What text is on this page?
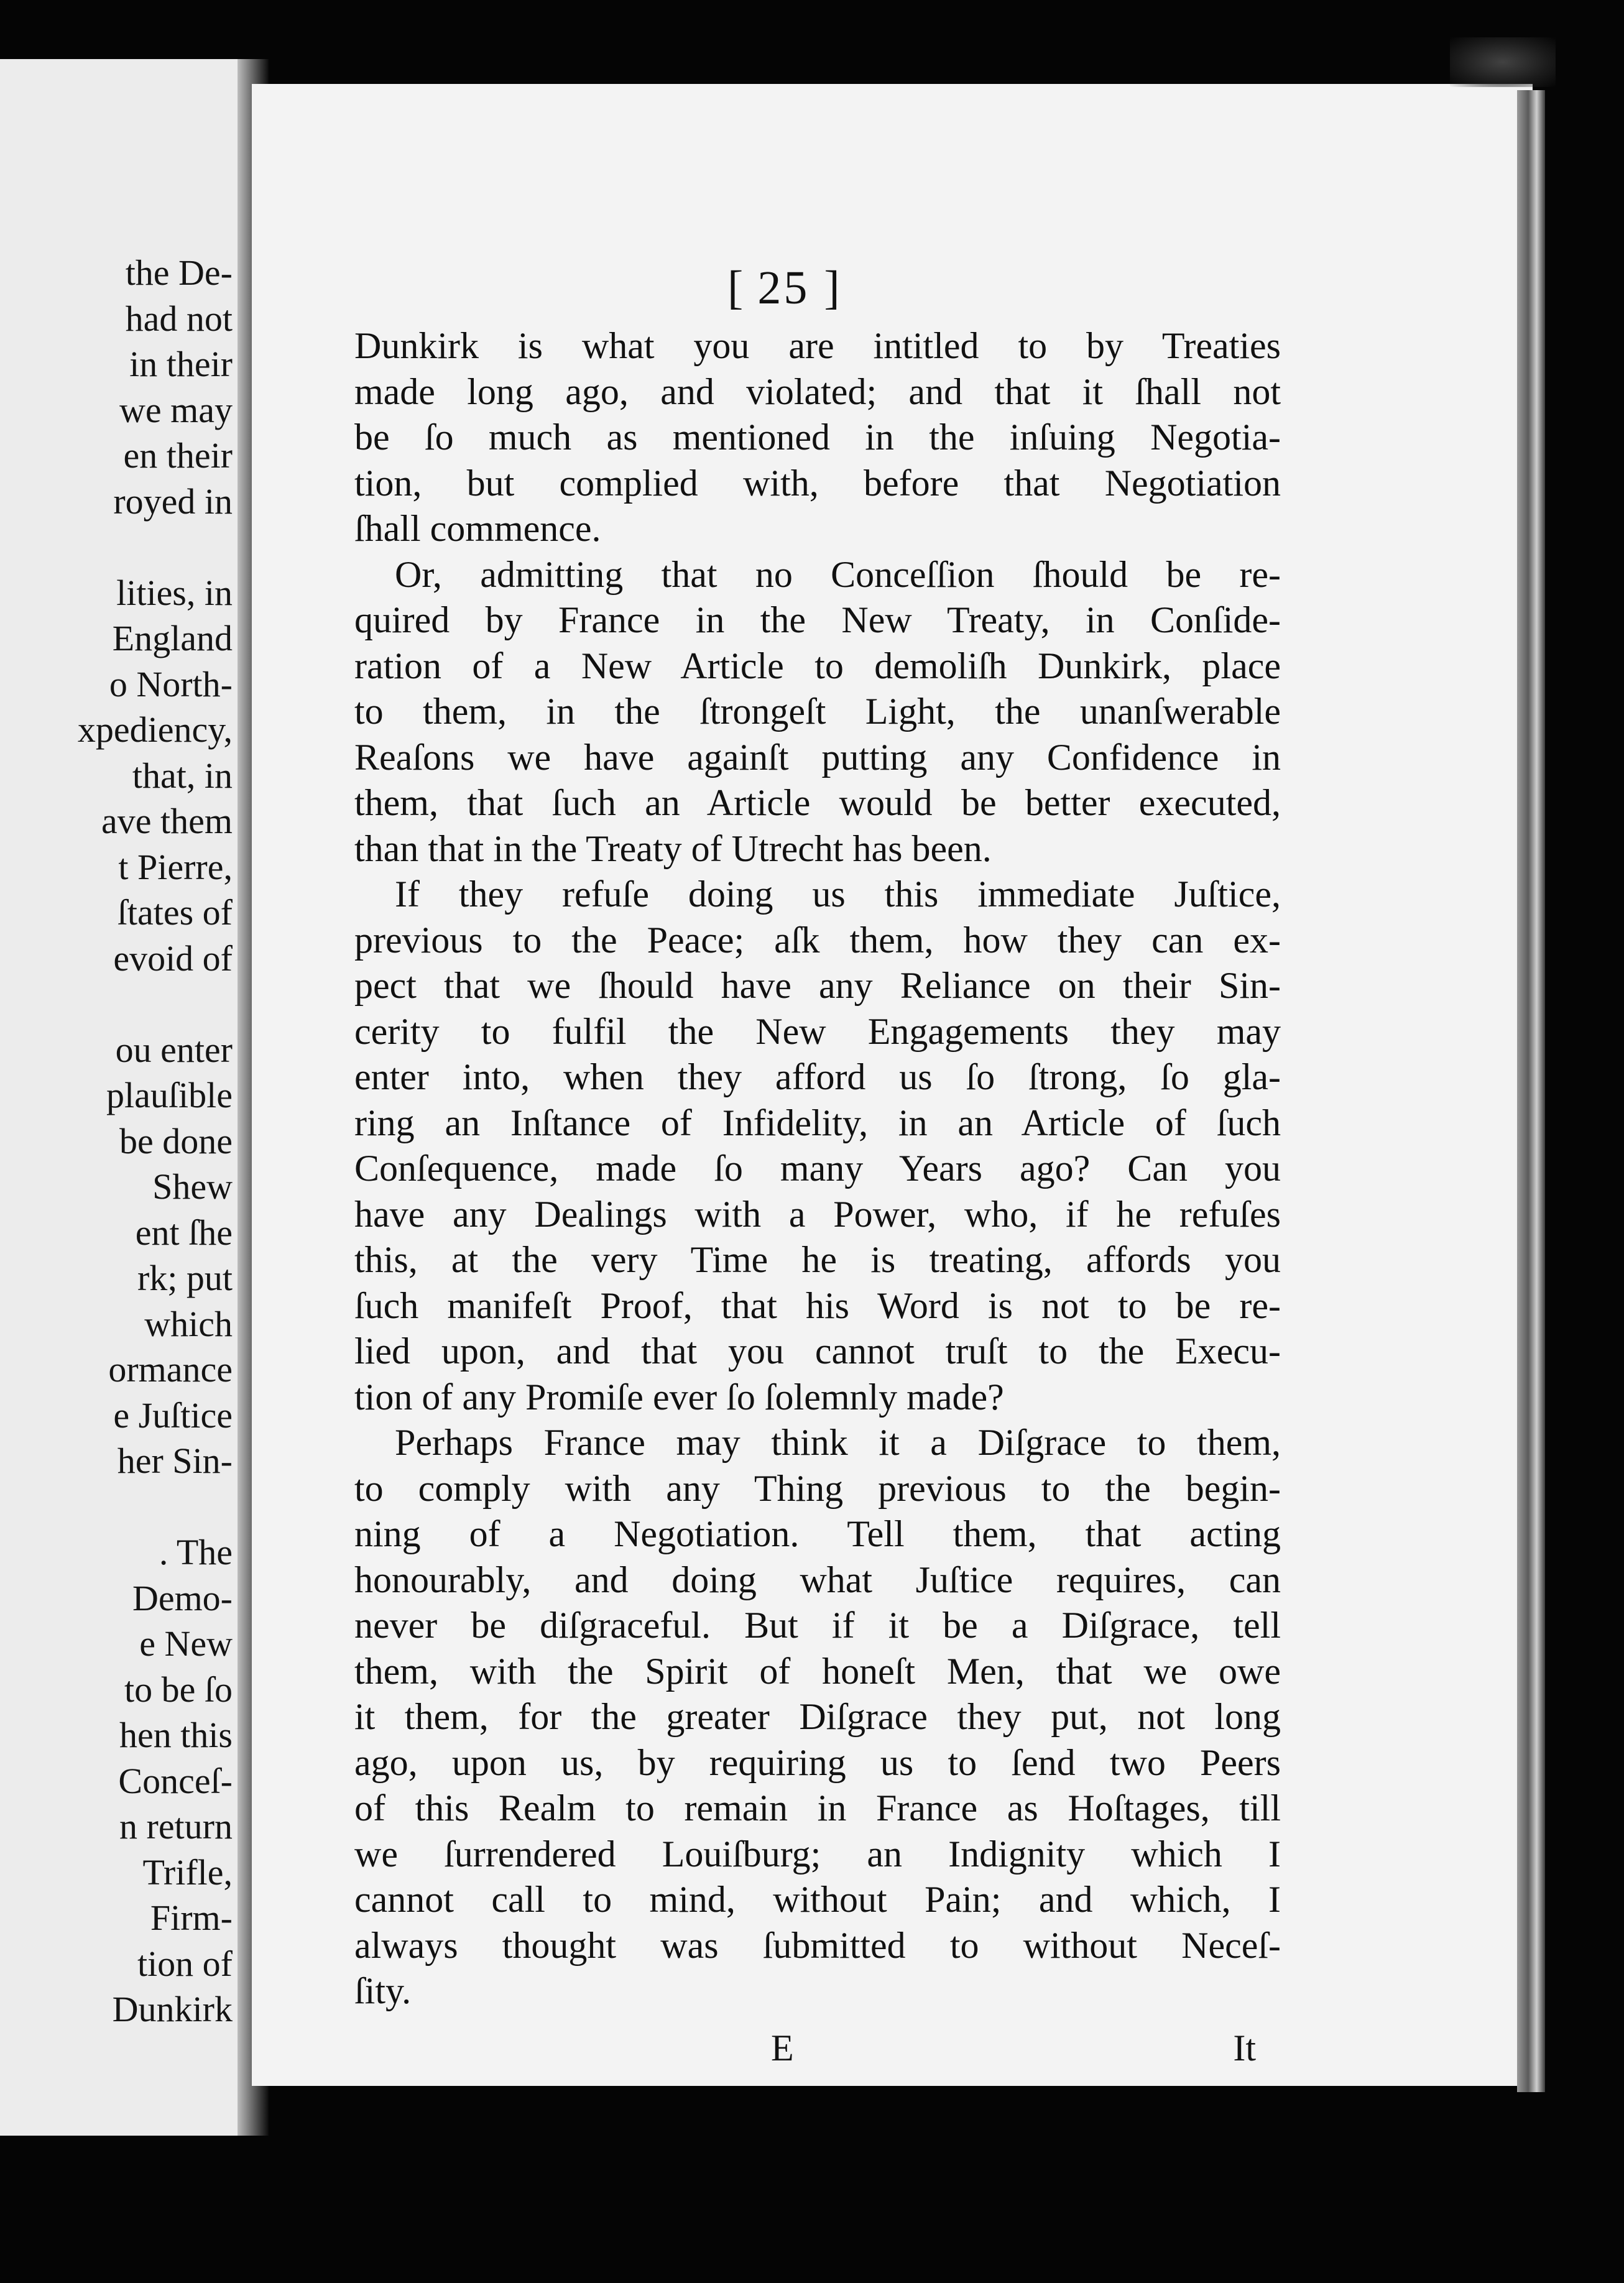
the De-
had not
in their
we may
en their
royed in
lities, in
England
o North-
xpediency,
that, in
ave them
t Pierre,
ſtates of
evoid of
ou enter
plauſible
be done
Shew
ent ſhe
rk; put
which
ormance
e Juſtice
her Sin-
. The
Demo-
e New
to be ſo
hen this
Conceſ-
n return
Trifle,
Firm-
tion of
Dunkirk
[ 25 ]
Dunkirk is what you are intitled to by Treaties
made long ago, and violated; and that it ſhall not
be ſo much as mentioned in the inſuing Negotia-
tion, but complied with, before that Negotiation
ſhall commence.
Or, admitting that no Conceſſion ſhould be re-
quired by France in the New Treaty, in Conſide-
ration of a New Article to demoliſh Dunkirk, place
to them, in the ſtrongeſt Light, the unanſwerable
Reaſons we have againſt putting any Confidence in
them, that ſuch an Article would be better executed,
than that in the Treaty of Utrecht has been.
If they refuſe doing us this immediate Juſtice,
previous to the Peace; aſk them, how they can ex-
pect that we ſhould have any Reliance on their Sin-
cerity to fulfil the New Engagements they may
enter into, when they afford us ſo ſtrong, ſo gla-
ring an Inſtance of Infidelity, in an Article of ſuch
Conſequence, made ſo many Years ago? Can you
have any Dealings with a Power, who, if he refuſes
this, at the very Time he is treating, affords you
ſuch manifeſt Proof, that his Word is not to be re-
lied upon, and that you cannot truſt to the Execu-
tion of any Promiſe ever ſo ſolemnly made?
Perhaps France may think it a Diſgrace to them,
to comply with any Thing previous to the begin-
ning of a Negotiation. Tell them, that acting
honourably, and doing what Juſtice requires, can
never be diſgraceful. But if it be a Diſgrace, tell
them, with the Spirit of honeſt Men, that we owe
it them, for the greater Diſgrace they put, not long
ago, upon us, by requiring us to ſend two Peers
of this Realm to remain in France as Hoſtages, till
we ſurrendered Louiſburg; an Indignity which I
cannot call to mind, without Pain; and which, I
always thought was ſubmitted to without Neceſ-
ſity.
E	It
